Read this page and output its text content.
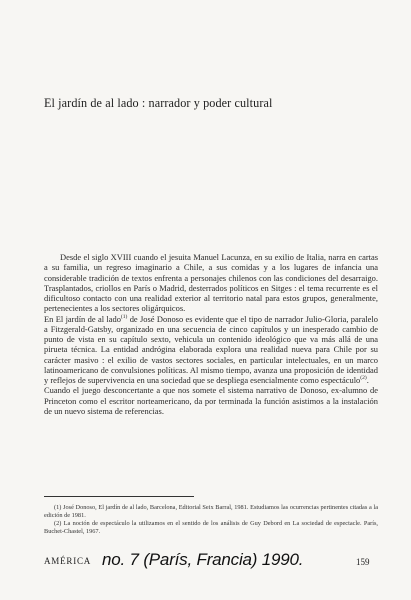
El jardín de al lado : narrador y poder cultural

Desde el siglo XVIII cuando el jesuita Manuel Lacunza, en su exilio de Italia, narra en cartas a su familia, un regreso imaginario a Chile, a sus comidas y a los lugares de infancia una considerable tradición de textos enfrenta a personajes chilenos con las condiciones del desarraigo. Trasplantados, criollos en París o Madrid, desterrados políticos en Sitges : el tema recurrente es el dificultoso contacto con una realidad exterior al territorio natal para estos grupos, generalmente, pertenecientes a los sectores oligárquicos.

En El jardín de al lado$^{(1)}$ de José Donoso es evidente que el tipo de narrador Julio-Gloria, paralelo a Fitzgerald-Gatsby, organizado en una secuencia de cinco capítulos y un inesperado cambio de punto de vista en su capítulo sexto, vehicula un contenido ideológico que va más allá de una pirueta técnica. La entidad andrógina elaborada explora una realidad nueva para Chile por su carácter masivo : el exilio de vastos sectores sociales, en particular intelectuales, en un marco latinoamericano de convulsiones políticas. Al mismo tiempo, avanza una proposición de identidad y reflejos de supervivencia en una sociedad que se despliega esencialmente como espectáculo$^{(2)}$.

Cuando el juego desconcertante a que nos somete el sistema narrativo de Donoso, ex-alumno de Princeton como el escritor norteamericano, da por terminada la función asistimos a la instalación de un nuevo sistema de referencias.

(1) José Donoso, El jardín de al lado, Barcelona, Editorial Seix Barral, 1981. Estudiamos las ocurrencias pertinentes citadas a la edición de 1981.

(2) La noción de espectáculo la utilizamos en el sentido de los análisis de Guy Debord en La sociedad de espectacle. París, Buchet-Chastel, 1967.

AMÉRICA no. 7 (París, Francia) 1990.	159
